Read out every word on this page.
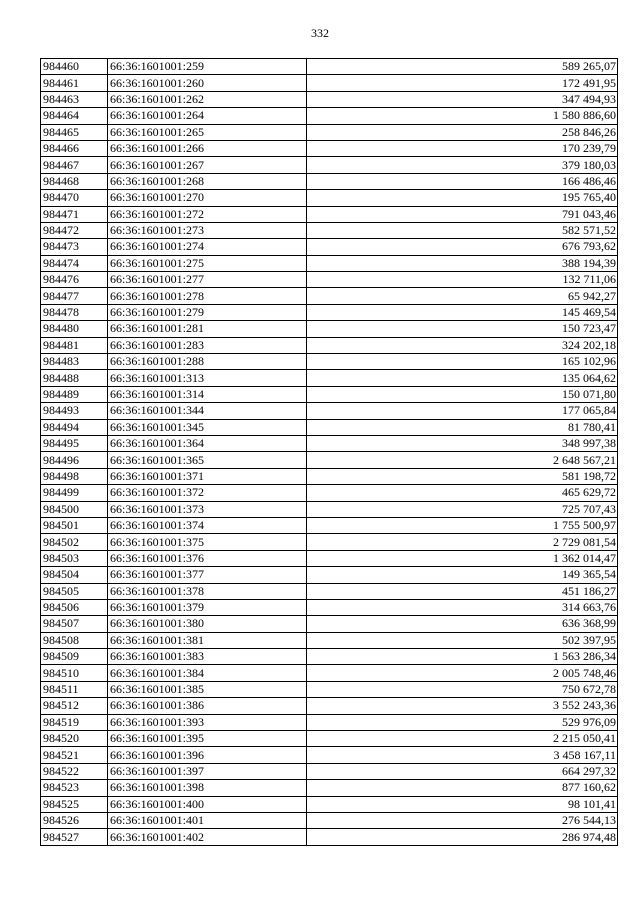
332
984460	66:36:1601001:259	589 265,07
984461	66:36:1601001:260	172 491,95
984463	66:36:1601001:262	347 494,93
984464	66:36:1601001:264	1 580 886,60
984465	66:36:1601001:265	258 846,26
984466	66:36:1601001:266	170 239,79
984467	66:36:1601001:267	379 180,03
984468	66:36:1601001:268	166 486,46
984470	66:36:1601001:270	195 765,40
984471	66:36:1601001:272	791 043,46
984472	66:36:1601001:273	582 571,52
984473	66:36:1601001:274	676 793,62
984474	66:36:1601001:275	388 194,39
984476	66:36:1601001:277	132 711,06
984477	66:36:1601001:278	65 942,27
984478	66:36:1601001:279	145 469,54
984480	66:36:1601001:281	150 723,47
984481	66:36:1601001:283	324 202,18
984483	66:36:1601001:288	165 102,96
984488	66:36:1601001:313	135 064,62
984489	66:36:1601001:314	150 071,80
984493	66:36:1601001:344	177 065,84
984494	66:36:1601001:345	81 780,41
984495	66:36:1601001:364	348 997,38
984496	66:36:1601001:365	2 648 567,21
984498	66:36:1601001:371	581 198,72
984499	66:36:1601001:372	465 629,72
984500	66:36:1601001:373	725 707,43
984501	66:36:1601001:374	1 755 500,97
984502	66:36:1601001:375	2 729 081,54
984503	66:36:1601001:376	1 362 014,47
984504	66:36:1601001:377	149 365,54
984505	66:36:1601001:378	451 186,27
984506	66:36:1601001:379	314 663,76
984507	66:36:1601001:380	636 368,99
984508	66:36:1601001:381	502 397,95
984509	66:36:1601001:383	1 563 286,34
984510	66:36:1601001:384	2 005 748,46
984511	66:36:1601001:385	750 672,78
984512	66:36:1601001:386	3 552 243,36
984519	66:36:1601001:393	529 976,09
984520	66:36:1601001:395	2 215 050,41
984521	66:36:1601001:396	3 458 167,11
984522	66:36:1601001:397	664 297,32
984523	66:36:1601001:398	877 160,62
984525	66:36:1601001:400	98 101,41
984526	66:36:1601001:401	276 544,13
984527	66:36:1601001:402	286 974,48
